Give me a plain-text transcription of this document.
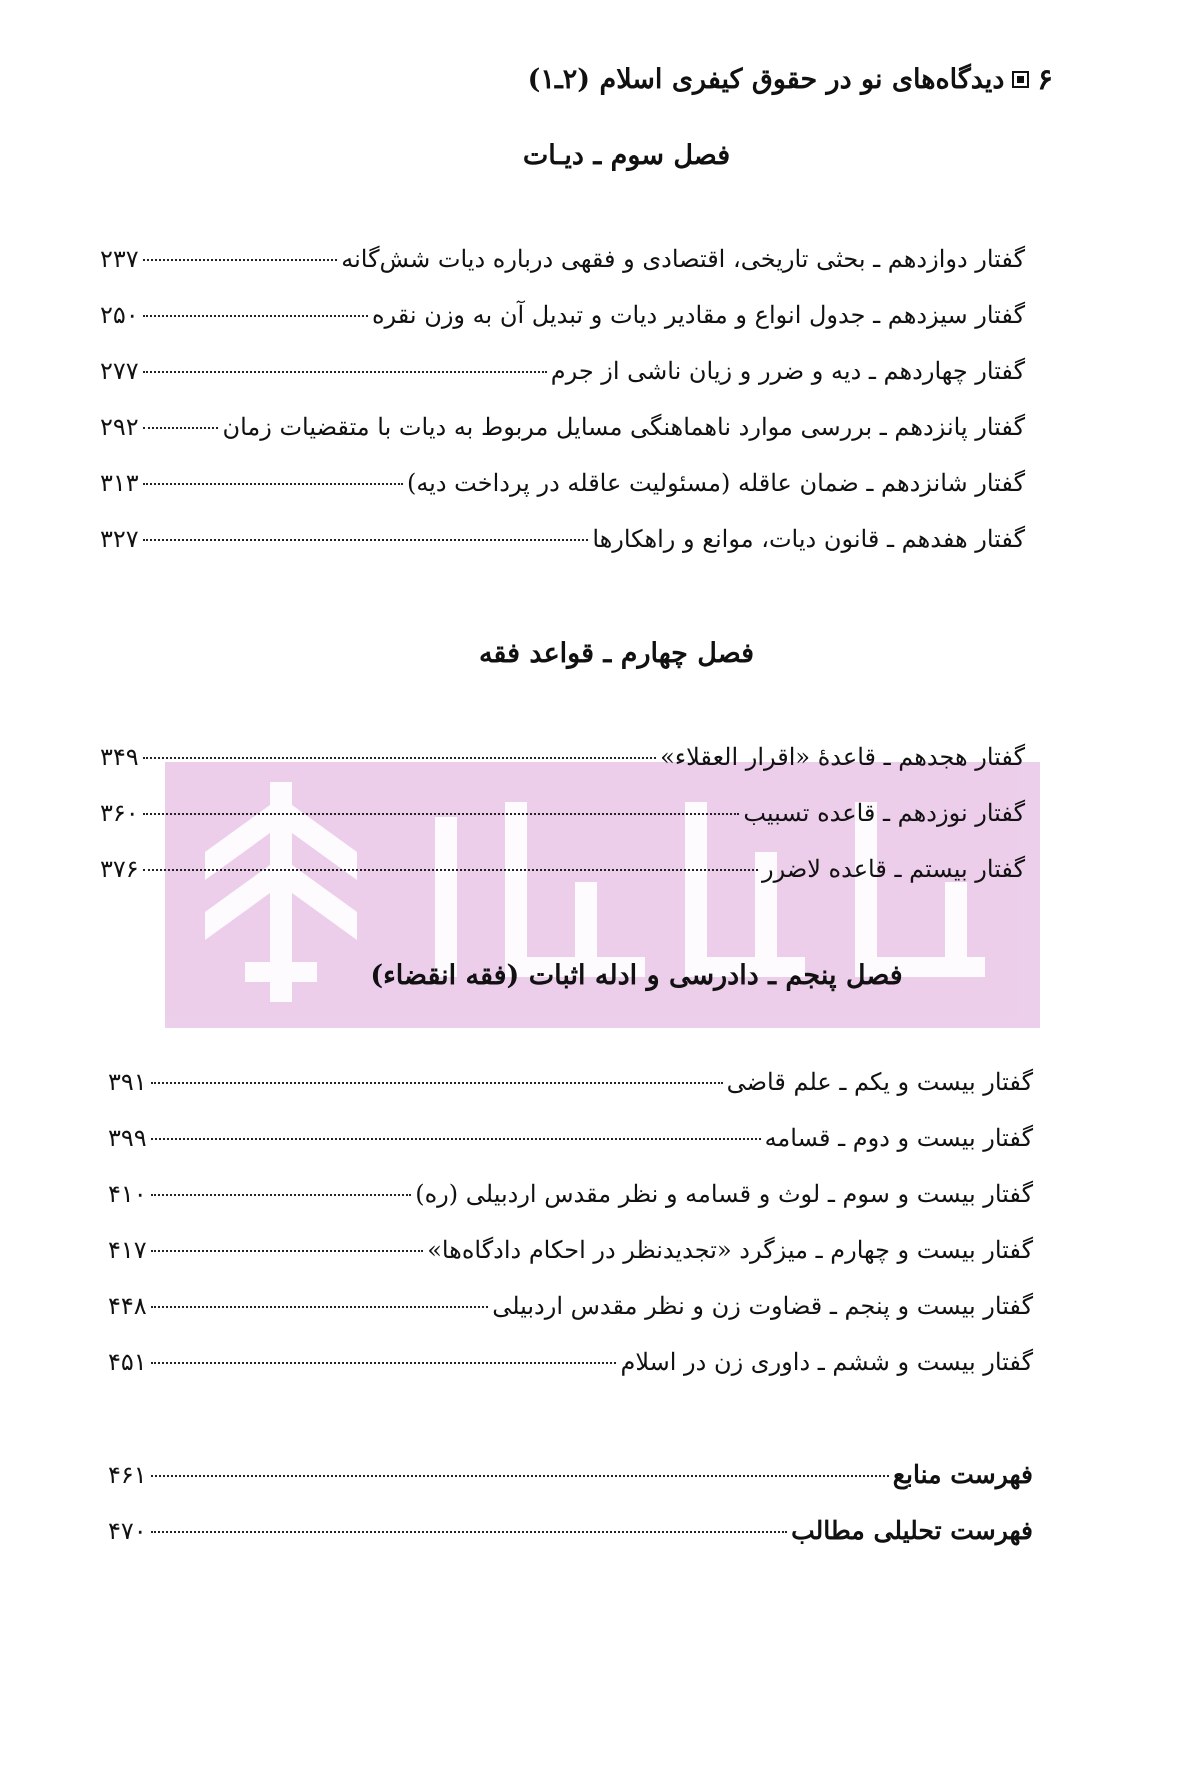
۶
دیدگاه‌های نو در حقوق کیفری اسلام (۲ـ۱)
فصل سوم ـ دیـات
گفتار دوازدهم ـ بحثی تاریخی، اقتصادی و فقهی درباره دیات شش‌گانه
۲۳۷
گفتار سیزدهم ـ جدول انواع و مقادیر دیات و تبدیل آن به وزن نقره
۲۵۰
گفتار چهاردهم ـ دیه و ضرر و زیان ناشی از جرم
۲۷۷
گفتار پانزدهم ـ بررسی موارد ناهماهنگی مسایل مربوط به دیات با متقضیات زمان
۲۹۲
گفتار شانزدهم ـ ضمان عاقله (مسئولیت عاقله در پرداخت دیه)
۳۱۳
گفتار هفدهم ـ قانون دیات، موانع و راهکارها
۳۲۷
فصل چهارم ـ قواعد فقه
گفتار هجدهم ـ قاعدهٔ «اقرار العقلاء»
۳۴۹
گفتار نوزدهم ـ قاعده تسبیب
۳۶۰
گفتار بیستم ـ قاعده لاضرر
۳۷۶
فصل پنجم ـ دادرسی و ادله اثبات (فقه انقضاء)
گفتار بیست و یکم ـ علم قاضی
۳۹۱
گفتار بیست و دوم ـ قسامه
۳۹۹
گفتار بیست و سوم ـ لوث و قسامه و نظر مقدس اردبیلی (ره)
۴۱۰
گفتار بیست و چهارم ـ میزگرد «تجدیدنظر در احکام دادگاه‌ها»
۴۱۷
گفتار بیست و پنجم ـ قضاوت زن و نظر مقدس اردبیلی
۴۴۸
گفتار بیست و ششم ـ داوری زن در اسلام
۴۵۱
فهرست منابع
۴۶۱
فهرست تحلیلی مطالب
۴۷۰
